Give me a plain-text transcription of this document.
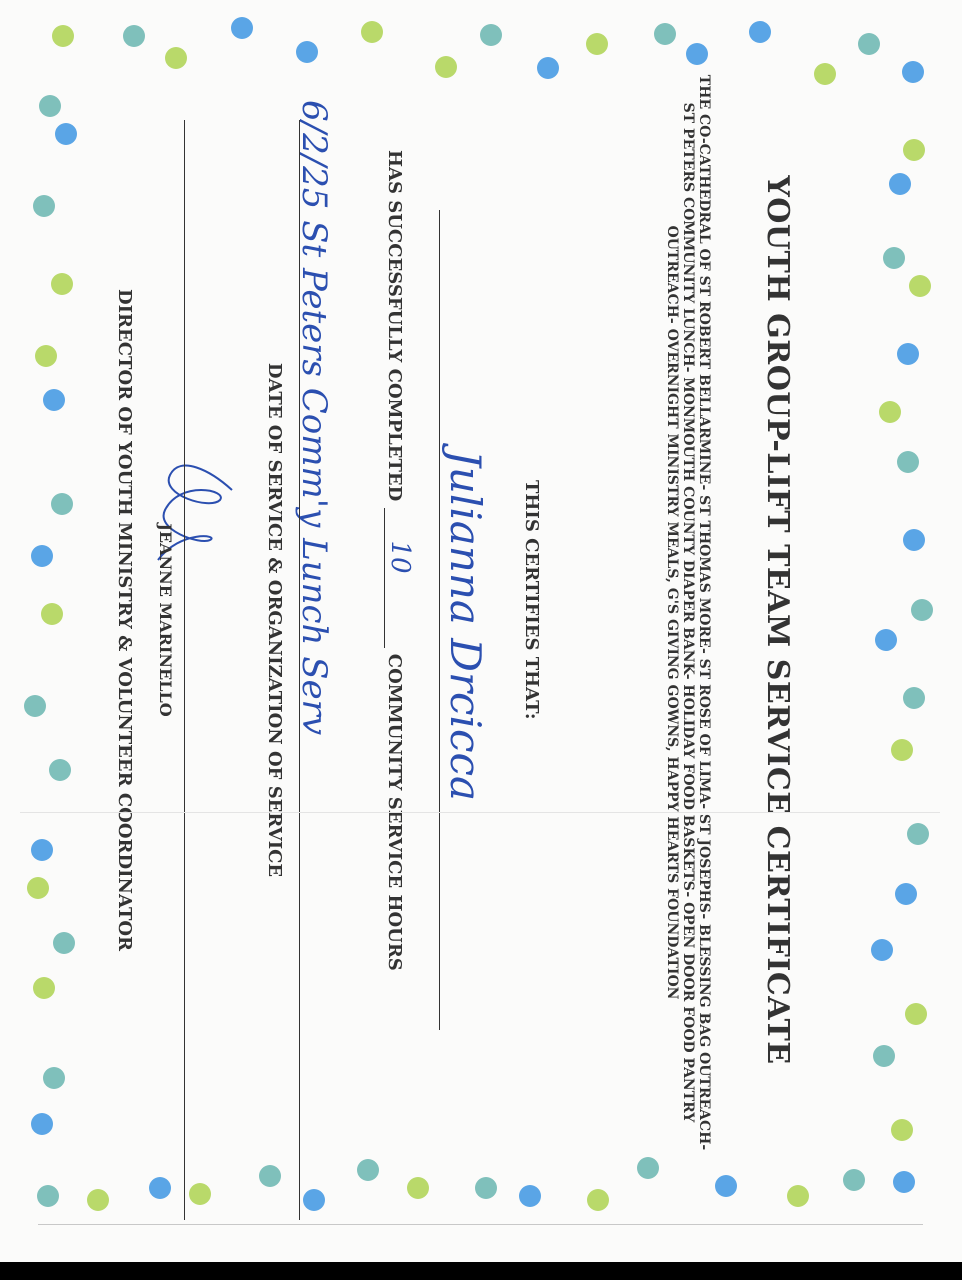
YOUTH GROUP-LIFT TEAM SERVICE CERTIFICATE
THE CO-CATHEDRAL OF ST ROBERT BELLARMINE- ST THOMAS MORE- ST ROSE OF LIMA- ST JOSEPHS- BLESSING BAG OUTREACH- ST PETERS COMMUNITY LUNCH- MONMOUTH COUNTY DIAPER BANK- HOLIDAY FOOD BASKETS- OPEN DOOR FOOD PANTRY OUTREACH- OVERNIGHT MINISTRY MEALS, G'S GIVING GOWNS, HAPPY HEARTS FOUNDATION
THIS CERTIFIES THAT:
Julianna Drcicca
HAS SUCCESSFULLY COMPLETED
10
COMMUNITY SERVICE HOURS
6/2/25 St Peters Comm'y Lunch Serv
DATE OF SERVICE & ORGANIZATION OF SERVICE
JEANNE MARINELLO
DIRECTOR OF YOUTH MINISTRY & VOLUNTEER COORDINATOR
